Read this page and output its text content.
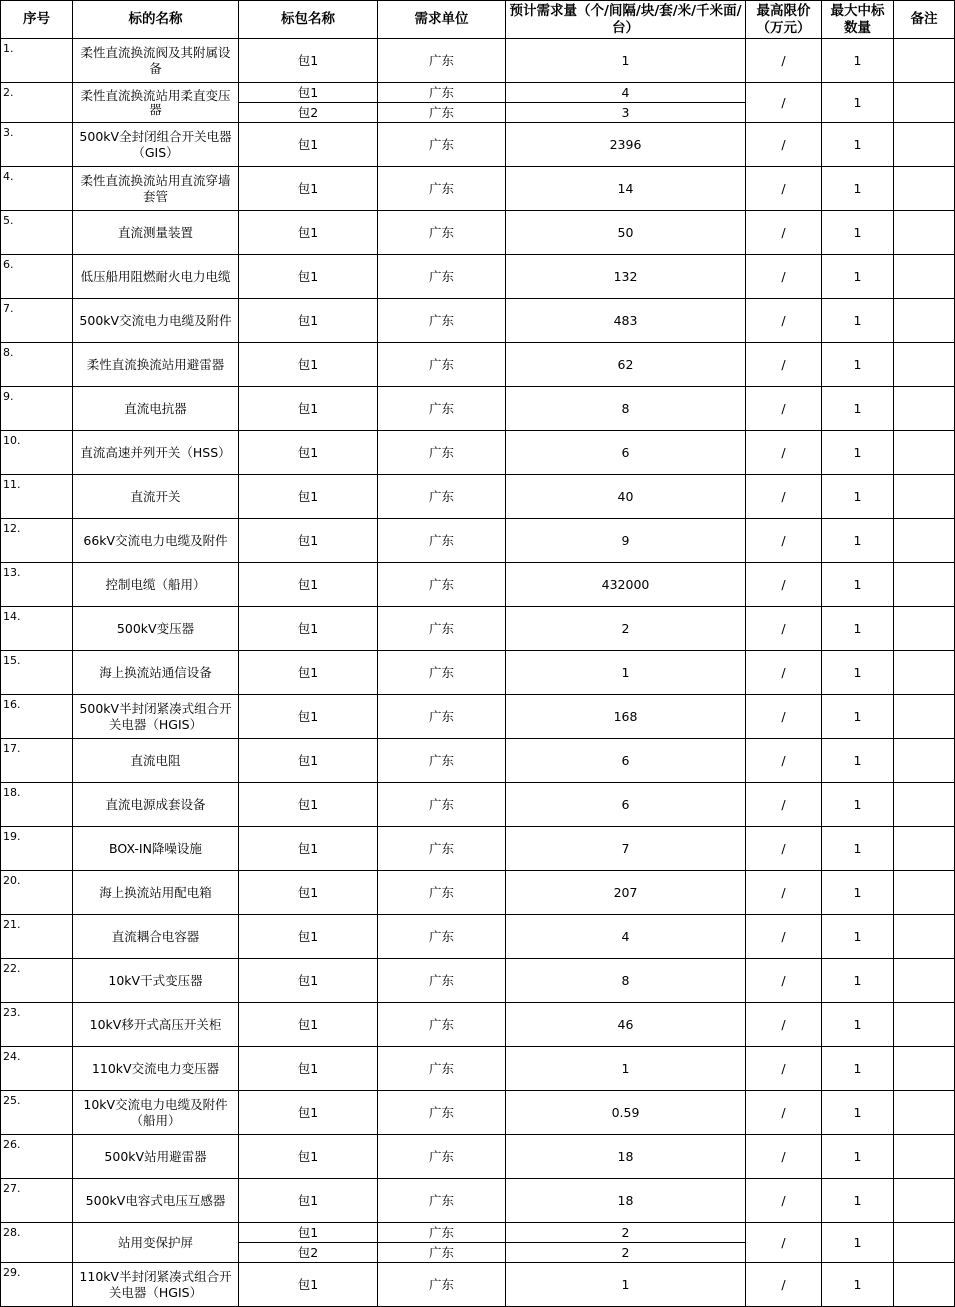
序号	标的名称	标包名称	需求单位	预计需求量（个/间隔/块/套/米/千米面/台）	最高限价（万元）	最大中标数量	备注
1.	柔性直流换流阀及其附属设备	包1	广东	1	/	1	
2.	柔性直流换流站用柔直变压器	包1	广东	4	/	1	
		包2	广东	3			
3.	500kV全封闭组合开关电器（GIS）	包1	广东	2396	/	1	
4.	柔性直流换流站用直流穿墙套管	包1	广东	14	/	1	
5.	直流测量装置	包1	广东	50	/	1	
6.	低压船用阻燃耐火电力电缆	包1	广东	132	/	1	
7.	500kV交流电力电缆及附件	包1	广东	483	/	1	
8.	柔性直流换流站用避雷器	包1	广东	62	/	1	
9.	直流电抗器	包1	广东	8	/	1	
10.	直流高速并列开关（HSS）	包1	广东	6	/	1	
11.	直流开关	包1	广东	40	/	1	
12.	66kV交流电力电缆及附件	包1	广东	9	/	1	
13.	控制电缆（船用）	包1	广东	432000	/	1	
14.	500kV变压器	包1	广东	2	/	1	
15.	海上换流站通信设备	包1	广东	1	/	1	
16.	500kV半封闭紧凑式组合开关电器（HGIS）	包1	广东	168	/	1	
17.	直流电阻	包1	广东	6	/	1	
18.	直流电源成套设备	包1	广东	6	/	1	
19.	BOX-IN降噪设施	包1	广东	7	/	1	
20.	海上换流站用配电箱	包1	广东	207	/	1	
21.	直流耦合电容器	包1	广东	4	/	1	
22.	10kV干式变压器	包1	广东	8	/	1	
23.	10kV移开式高压开关柜	包1	广东	46	/	1	
24.	110kV交流电力变压器	包1	广东	1	/	1	
25.	10kV交流电力电缆及附件（船用）	包1	广东	0.59	/	1	
26.	500kV站用避雷器	包1	广东	18	/	1	
27.	500kV电容式电压互感器	包1	广东	18	/	1	
28.	站用变保护屏	包1	广东	2	/	1	
		包2	广东	2			
29.	110kV半封闭紧凑式组合开关电器（HGIS）	包1	广东	1	/	1	
